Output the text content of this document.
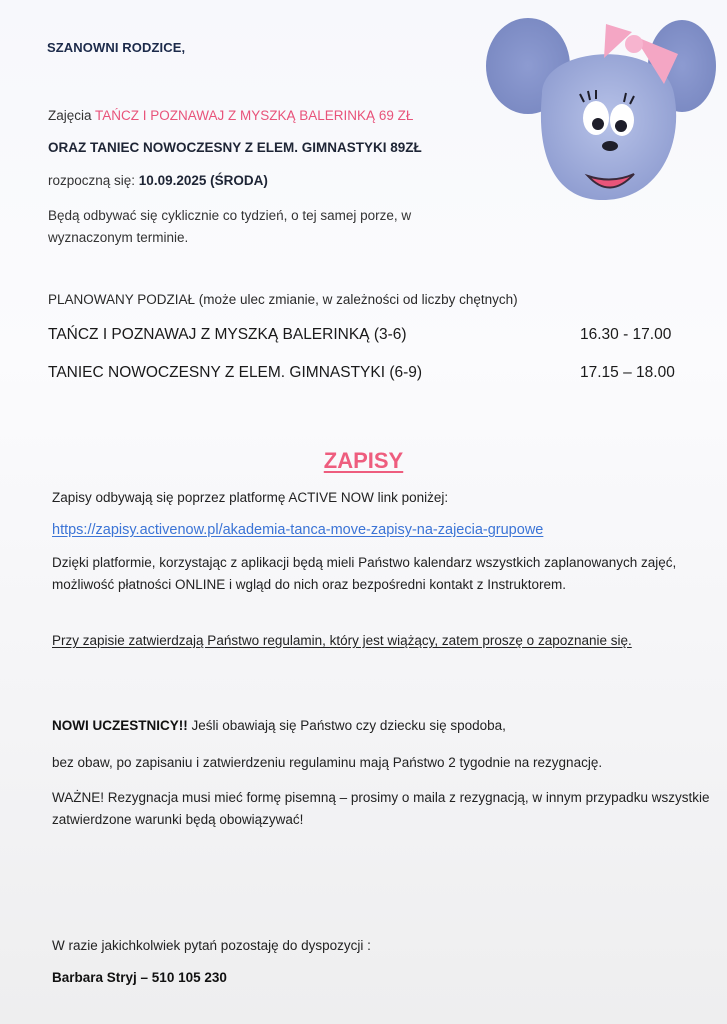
SZANOWNI RODZICE,

Zajęcia TAŃCZ I POZNAWAJ Z MYSZKĄ BALERINKĄ 69 ZŁ

ORAZ TANIEC NOWOCZESNY Z ELEM. GIMNASTYKI 89ZŁ

rozpoczną się: 10.09.2025 (ŚRODA)

Będą odbywać się cyklicznie co tydzień, o tej samej porze, w wyznaczonym terminie.

PLANOWANY PODZIAŁ (może ulec zmianie, w zależności od liczby chętnych)

TAŃCZ I POZNAWAJ Z MYSZKĄ BALERINKĄ (3-6)	16.30 - 17.00

TANIEC NOWOCZESNY Z ELEM. GIMNASTYKI (6-9)	17.15 – 18.00

ZAPISY

Zapisy odbywają się poprzez platformę ACTIVE NOW link poniżej:

https://zapisy.activenow.pl/akademia-tanca-move-zapisy-na-zajecia-grupowe

Dzięki platformie, korzystając z aplikacji będą mieli Państwo kalendarz wszystkich zaplanowanych zajęć, możliwość płatności ONLINE i wgląd do nich oraz bezpośredni kontakt z Instruktorem.

Przy zapisie zatwierdzają Państwo regulamin, który jest wiążący, zatem proszę o zapoznanie się.

NOWI UCZESTNICY!! Jeśli obawiają się Państwo czy dziecku się spodoba,

bez obaw, po zapisaniu i zatwierdzeniu regulaminu mają Państwo 2 tygodnie na rezygnację.

WAŻNE! Rezygnacja musi mieć formę pisemną – prosimy o maila z rezygnacją, w innym przypadku wszystkie zatwierdzone warunki będą obowiązywać!

W razie jakichkolwiek pytań pozostaję do dyspozycji :

Barbara Stryj – 510 105 230
